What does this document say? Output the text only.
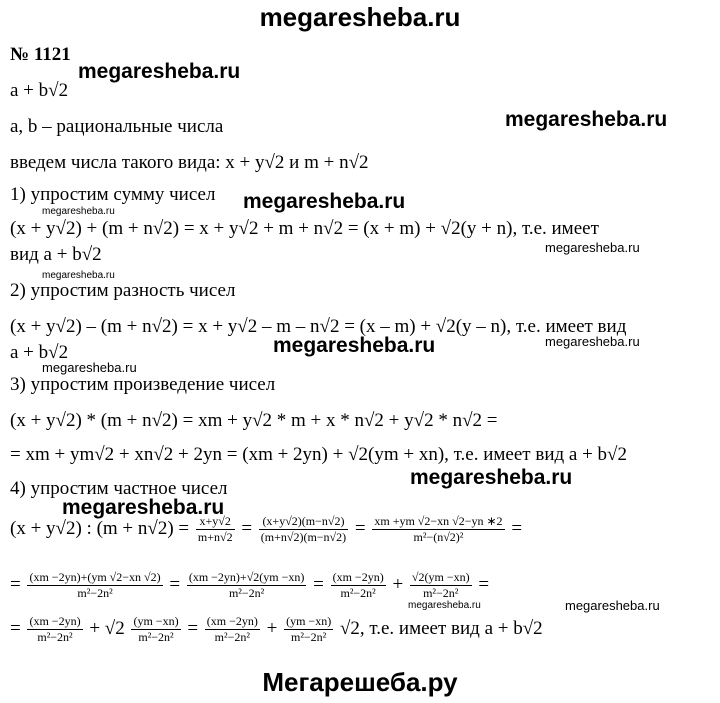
megaresheba.ru
№ 1121
megaresheba.ru
a + b√2
a, b – рациональные числа	megaresheba.ru
введем числа такого вида: x + y√2 и m + n√2
1) упростим сумму чисел megaresheba.ru
megaresheba.ru
(x + y√2) + (m + n√2) = x + y√2 + m + n√2 = (x + m) + √2(y + n), т.е. имеет
вид a + b√2	megaresheba.ru
megaresheba.ru
2) упростим разность чисел
(x + y√2) – (m + n√2) = x + y√2 – m – n√2 = (x – m) + √2(y – n), т.е. имеет вид
a + b√2	megaresheba.ru	megaresheba.ru
megaresheba.ru
3) упростим произведение чисел
(x + y√2) * (m + n√2) = xm + y√2 * m + x * n√2 + y√2 * n√2 =
= xm + ym√2 + xn√2 + 2yn = (xm + 2yn) + √2(ym + xn), т.е. имеет вид a + b√2
megaresheba.ru
4) упростим частное чисел
megaresheba.ru
(x + y√2) : $(m + n√2) = \frac{x+y√2}{m+n√2} = \frac{(x+y√2)(m-n√2)}{(m+n√2)(m-n√2)} = \frac{xm +ym √2-xn √2-yn ∗2}{\text{m²−(n√2)²}}$ =
= $\frac{(xm -2yn)+(ym √2-xn √2)}{\text{m²−2n²}} = \frac{(xm -2yn)+√2(ym -xn)}{\text{m²−2n²}} = \frac{(xm -2yn)}{\text{m²−2n²}} + \frac{√2(ym -xn)}{\text{m²−2n²}}$ =
megaresheba.ru	megaresheba.ru
= $\frac{(xm -2yn)}{\text{m²−2n²}} + √2 \frac{(ym -xn)}{\text{m²−2n²}} = \frac{(xm -2yn)}{\text{m²−2n²}} + \frac{(ym -xn)}{\text{m²−2n²}} √2$, т.е. имеет вид a + b√2
Мегарешеба.ру
